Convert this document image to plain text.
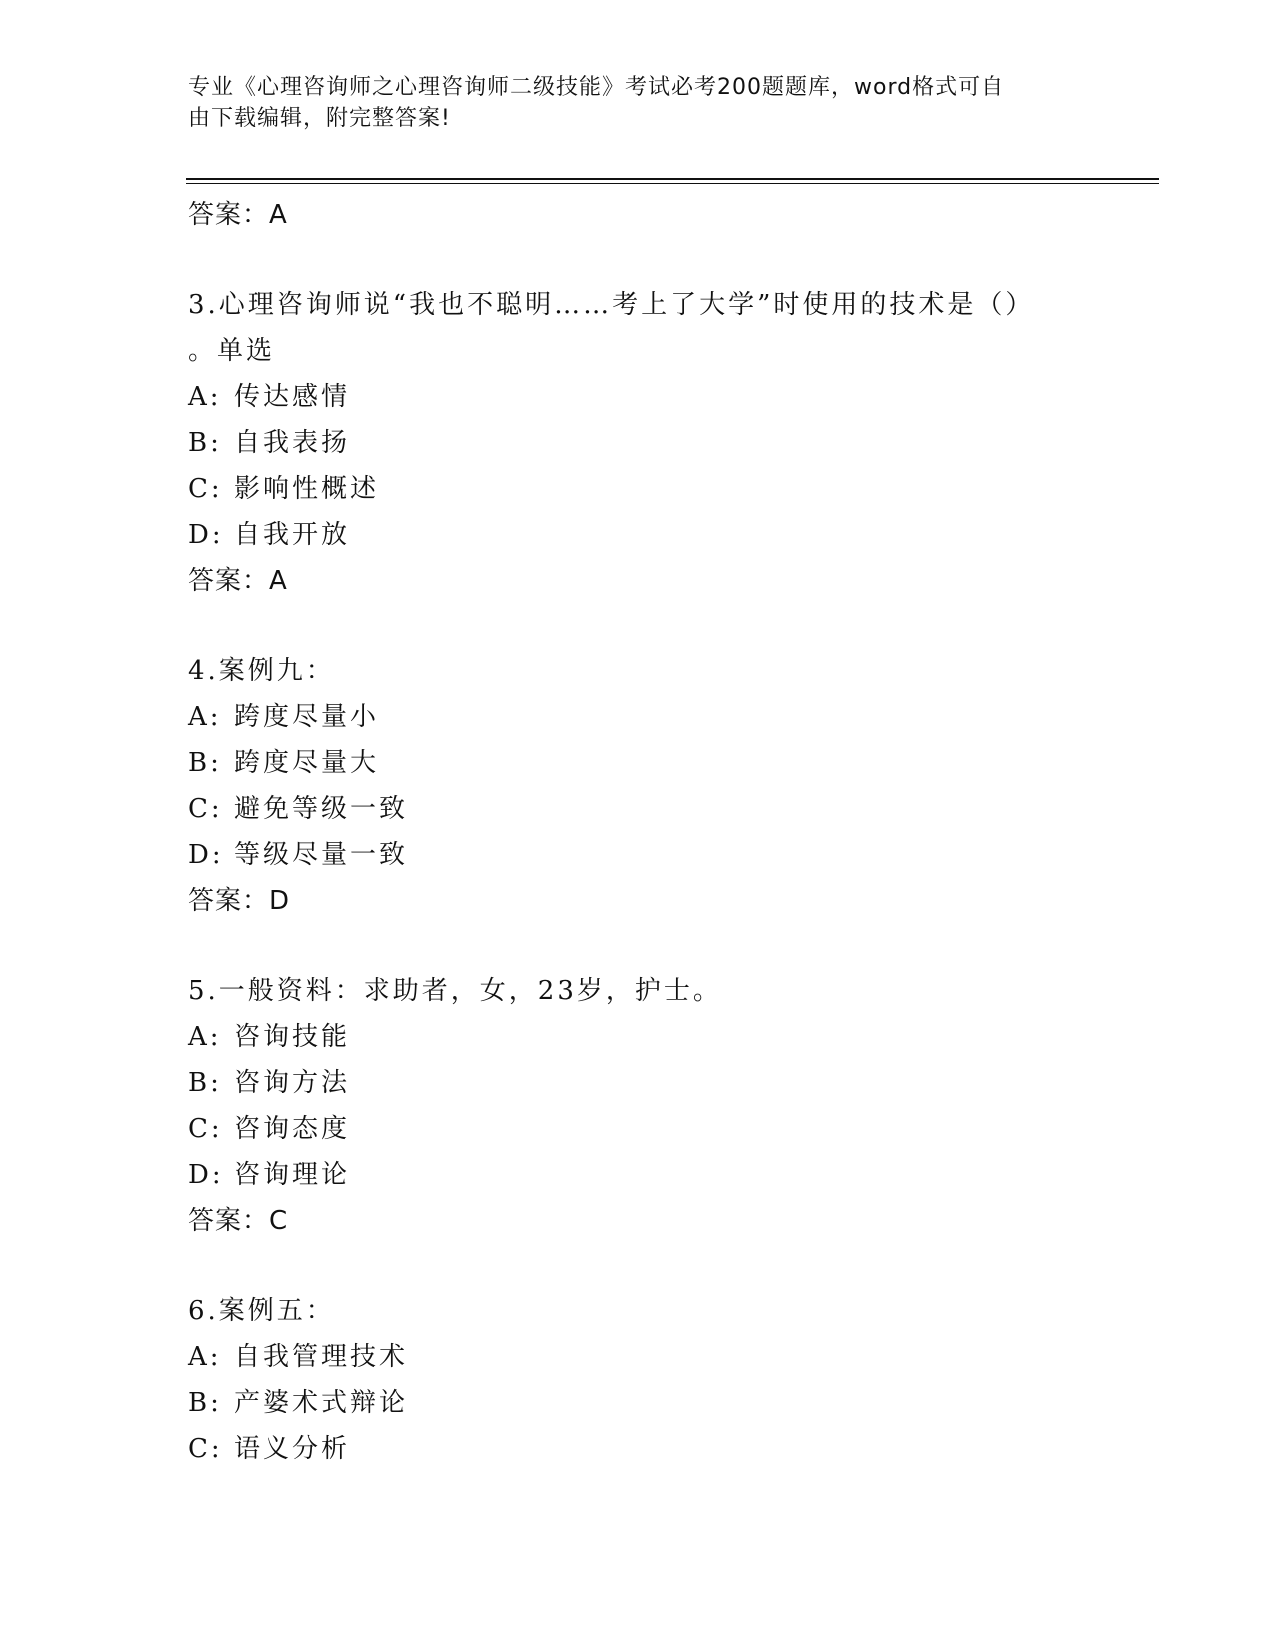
专业《心理咨询师之心理咨询师二级技能》考试必考200题题库，word格式可自
由下载编辑，附完整答案!
答案：A
3.心理咨询师说“我也不聪明……考上了大学”时使用的技术是（）
。单选
A: 传达感情
B: 自我表扬
C: 影响性概述
D: 自我开放
答案：A
4.案例九：
A: 跨度尽量小
B: 跨度尽量大
C: 避免等级一致
D: 等级尽量一致
答案：D
5.一般资料：求助者，女，23岁，护士。
A: 咨询技能
B: 咨询方法
C: 咨询态度
D: 咨询理论
答案：C
6.案例五：
A: 自我管理技术
B: 产婆术式辩论
C: 语义分析
